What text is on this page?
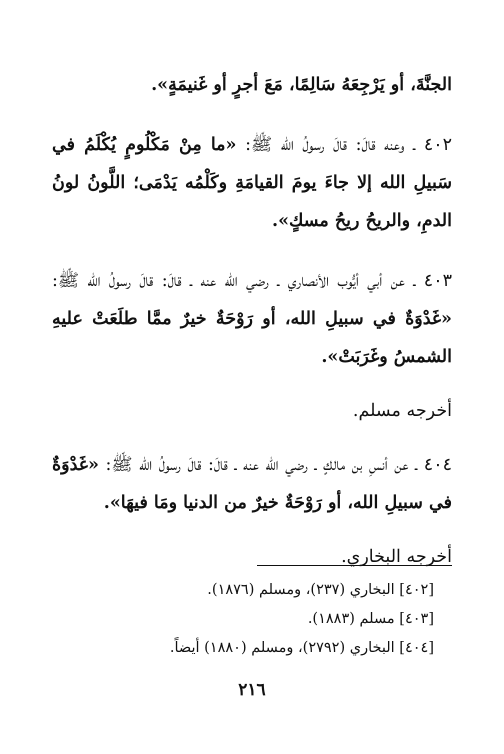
الجنَّةَ، أو يَرْجِعَهُ سَالِمًا، مَعَ أجرٍ أو غَنيمَةٍ».

٤٠٢ ـ وعنه قالَ: قالَ رسولُ الله ﷺ: «ما مِنْ مَكْلُومٍ يُكْلَمُ في سَبيلِ الله إلا جاءَ يومَ القيامَةِ وكَلْمُه يَدْمَى؛ اللَّونُ لونُ الدمِ، والريحُ ريحُ مسكٍ».

٤٠٣ ـ عن أبي أيُّوب الأنصاري ـ رضي الله عنه ـ قالَ: قالَ رسولُ الله ﷺ: «غَدْوَةٌ في سبيلِ الله، أو رَوْحَةٌ خيرٌ ممَّا طلَعَتْ عليهِ الشمسُ وغَرَبَتْ».

أخرجه مسلم.

٤٠٤ ـ عن أنسِ بن مالكٍ ـ رضي الله عنه ـ قالَ: قالَ رسولُ الله ﷺ: «غَدْوَةٌ في سبيلِ الله، أو رَوْحَةٌ خيرٌ من الدنيا ومَا فيهَا».

أخرجه البخاري.

[٤٠٢] البخاري (٢٣٧)، ومسلم (١٨٧٦).

[٤٠٣] مسلم (١٨٨٣).

[٤٠٤] البخاري (٢٧٩٢)، ومسلم (١٨٨٠) أيضاً.

٢١٦
